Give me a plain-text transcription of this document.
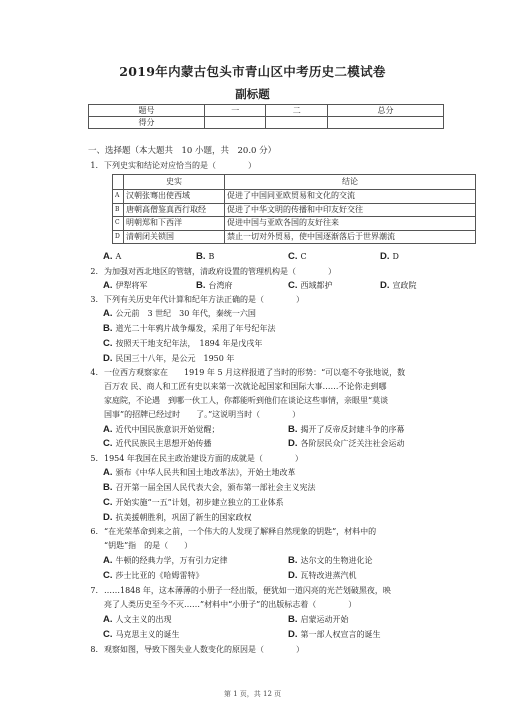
2019年内蒙古包头市青山区中考历史二模试卷
副标题
题号	一	二	总分
得分			
一、选择题（本大题共　10 小题，共　20.0 分）
1. 下列史实和结论对应恰当的是（　　　　）
	史实	结论
A	汉朝张骞出使西域	促进了中国同亚欧贸易和文化的交流
B	唐朝高僧鉴真西行取经	促进了中华文明的传播和中印友好交往
C	明朝郑和下西洋	促进中国与亚欧各国的友好往来
D	清朝闭关锁国	禁止一切对外贸易，使中国逐渐落后于世界潮流
A. A	B. B	C. C	D. D
2. 为加强对西北地区的管辖，清政府设置的管理机构是（　　　　）
A. 伊犁将军	B. 台湾府	C. 西域都护	D. 宣政院
3. 下列有关历史年代计算和纪年方法正确的是（　　　　）
A. 公元前　3 世纪　30 年代，秦统一六国
B. 道光二十年鸦片战争爆发，采用了年号纪年法
C. 按照天干地支纪年法，　1894 年是戊戌年
D. 民国三十八年，是公元　1950 年
4. 一位西方观察家在　　1919 年 5 月这样报道了当时的形势：“可以毫不夸张地说，数
百万农 民、商人和工匠有史以来第一次就论起国家和国际大事……不论你走到哪
家庭院，不论遇　到哪一伙工人，你都能听到他们在谈论这些事情，亲眼里“莫谈
国事”的招牌已经过时　　了。”这说明当时（　　　　）
A. 近代中国民族意识开始觉醒；	B. 揭开了反帝反封建斗争的序幕
C. 近代民族民主思想开始传播	D. 各阶层民众广泛关注社会运动
5. 1954 年我国在民主政治建设方面的成就是（　　　　）
A. 颁布《中华人民共和国土地改革法》，开始土地改革
B. 召开第一届全国人民代表大会，颁布第一部社会主义宪法
C. 开始实施“一五”计划，初步建立独立的工业体系
D. 抗美援朝胜利，巩固了新生的国家政权
6. “在光荣革命到来之前，一个伟大的人发现了解释自然现象的钥匙”，材料中的
“钥匙”指　的是（　　）
A. 牛顿的经典力学，万有引力定律	B. 达尔文的生物进化论
C. 莎士比亚的《哈姆雷特》	D. 瓦特改进蒸汽机
7. ……1848 年，这本薄薄的小册子一经出版，便犹如一道闪亮的光芒划破黑夜，映
亮了人类历史至今不灭……”材料中“小册子”的出版标志着（　　　　）
A. 人文主义的出现	B. 启蒙运动开始
C. 马克思主义的诞生	D. 第一部人权宣言的诞生
8. 观察如图，导致下图失业人数变化的原因是（　　　　）
第 1 页，共 12 页
